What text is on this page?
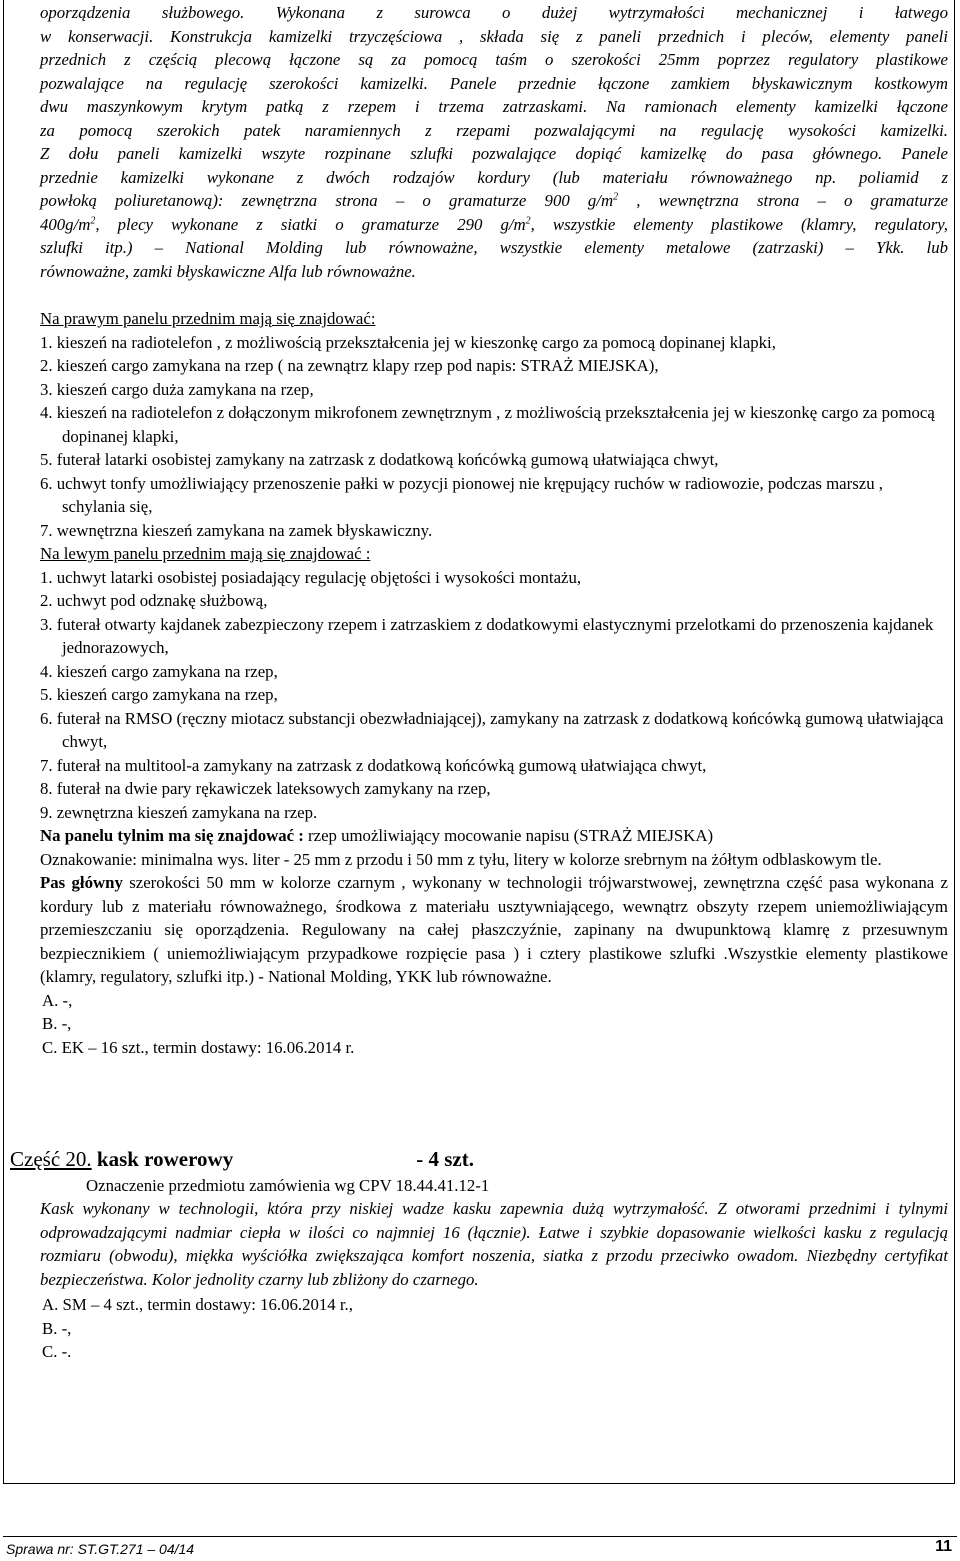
oporządzenia służbowego. Wykonana z surowca o dużej wytrzymałości mechanicznej i łatwego

w konserwacji. Konstrukcja kamizelki trzyczęściowa , składa się z paneli przednich i pleców, elementy paneli

przednich z częścią plecową łączone są za pomocą taśm o szerokości 25mm poprzez regulatory plastikowe

pozwalające na regulację szerokości kamizelki. Panele przednie łączone zamkiem błyskawicznym kostkowym

dwu maszynkowym krytym patką z rzepem i trzema zatrzaskami. Na ramionach elementy kamizelki łączone

za pomocą szerokich patek naramiennych z rzepami pozwalającymi na regulację wysokości kamizelki.

Z dołu paneli kamizelki wszyte rozpinane szlufki pozwalające dopiąć kamizelkę do pasa głównego. Panele

przednie kamizelki wykonane z dwóch rodzajów kordury (lub materiału równoważnego np. poliamid z

powłoką poliuretanową): zewnętrzna strona – o gramaturze 900 $g/m^2$ , wewnętrzna strona – o gramaturze

$400g/m^2$, plecy wykonane z siatki o gramaturze 290 $g/m^2$, wszystkie elementy plastikowe (klamry, regulatory,

szlufki itp.) – National Molding lub równoważne, wszystkie elementy metalowe (zatrzaski) – Ykk. lub

równoważne, zamki błyskawiczne Alfa lub równoważne.

Na prawym panelu przednim mają się znajdować:

1. kieszeń na radiotelefon , z możliwością przekształcenia jej w kieszonkę cargo za pomocą dopinanej klapki,

2. kieszeń cargo zamykana na rzep ( na zewnątrz klapy rzep pod napis: STRAŻ MIEJSKA),

3. kieszeń cargo duża zamykana na rzep,

4. kieszeń na radiotelefon z dołączonym mikrofonem zewnętrznym , z możliwością przekształcenia jej w kieszonkę cargo za pomocą dopinanej klapki,

5. futerał latarki osobistej zamykany na zatrzask z dodatkową końcówką gumową ułatwiająca chwyt,

6. uchwyt tonfy umożliwiający przenoszenie pałki w pozycji pionowej nie krępujący ruchów w radiowozie, podczas marszu , schylania się,

7. wewnętrzna kieszeń zamykana na zamek błyskawiczny.

Na lewym panelu przednim mają się znajdować :

1. uchwyt latarki osobistej posiadający regulację objętości i wysokości montażu,

2. uchwyt pod odznakę służbową,

3. futerał otwarty kajdanek zabezpieczony rzepem i zatrzaskiem z dodatkowymi elastycznymi przelotkami do przenoszenia kajdanek jednorazowych,

4. kieszeń cargo zamykana na rzep,

5. kieszeń cargo zamykana na rzep,

6. futerał na RMSO (ręczny miotacz substancji obezwładniającej), zamykany na zatrzask z dodatkową końcówką gumową ułatwiająca chwyt,

7. futerał na multitool-a zamykany na zatrzask z dodatkową końcówką gumową ułatwiająca chwyt,

8. futerał na dwie pary rękawiczek lateksowych zamykany na rzep,

9. zewnętrzna kieszeń zamykana na rzep.

Na panelu tylnim ma się znajdować : rzep umożliwiający mocowanie napisu (STRAŻ MIEJSKA)

Oznakowanie: minimalna wys. liter - 25 mm z przodu i 50 mm z tyłu, litery w kolorze srebrnym na żółtym odblaskowym tle.

Pas główny szerokości 50 mm w kolorze czarnym , wykonany w technologii trójwarstwowej, zewnętrzna część pasa wykonana z kordury lub z materiału równoważnego, środkowa z materiału usztywniającego, wewnątrz obszyty rzepem uniemożliwiającym przemieszczaniu się oporządzenia. Regulowany na całej płaszczyźnie, zapinany na dwupunktową klamrę z przesuwnym bezpiecznikiem ( uniemożliwiającym przypadkowe rozpięcie pasa ) i cztery plastikowe szlufki .Wszystkie elementy plastikowe (klamry, regulatory, szlufki itp.) - National Molding, YKK lub równoważne.

A. -,

B. -,

C. EK – 16 szt., termin dostawy: 16.06.2014 r.

Część 20. kask rowerowy	- 4 szt.
Oznaczenie przedmiotu zamówienia wg CPV 18.44.41.12-1

Kask wykonany w technologii, która przy niskiej wadze kasku zapewnia dużą wytrzymałość. Z otworami przednimi i tylnymi odprowadzającymi nadmiar ciepła w ilości co najmniej 16 (łącznie). Łatwe i szybkie dopasowanie wielkości kasku z regulacją rozmiaru (obwodu), miękka wyściółka zwiększająca komfort noszenia, siatka z przodu przeciwko owadom. Niezbędny certyfikat bezpieczeństwa. Kolor jednolity czarny lub zbliżony do czarnego.

A. SM – 4 szt., termin dostawy: 16.06.2014 r.,

B. -,

C. -.

Sprawa nr: ST.GT.271 – 04/14	11
